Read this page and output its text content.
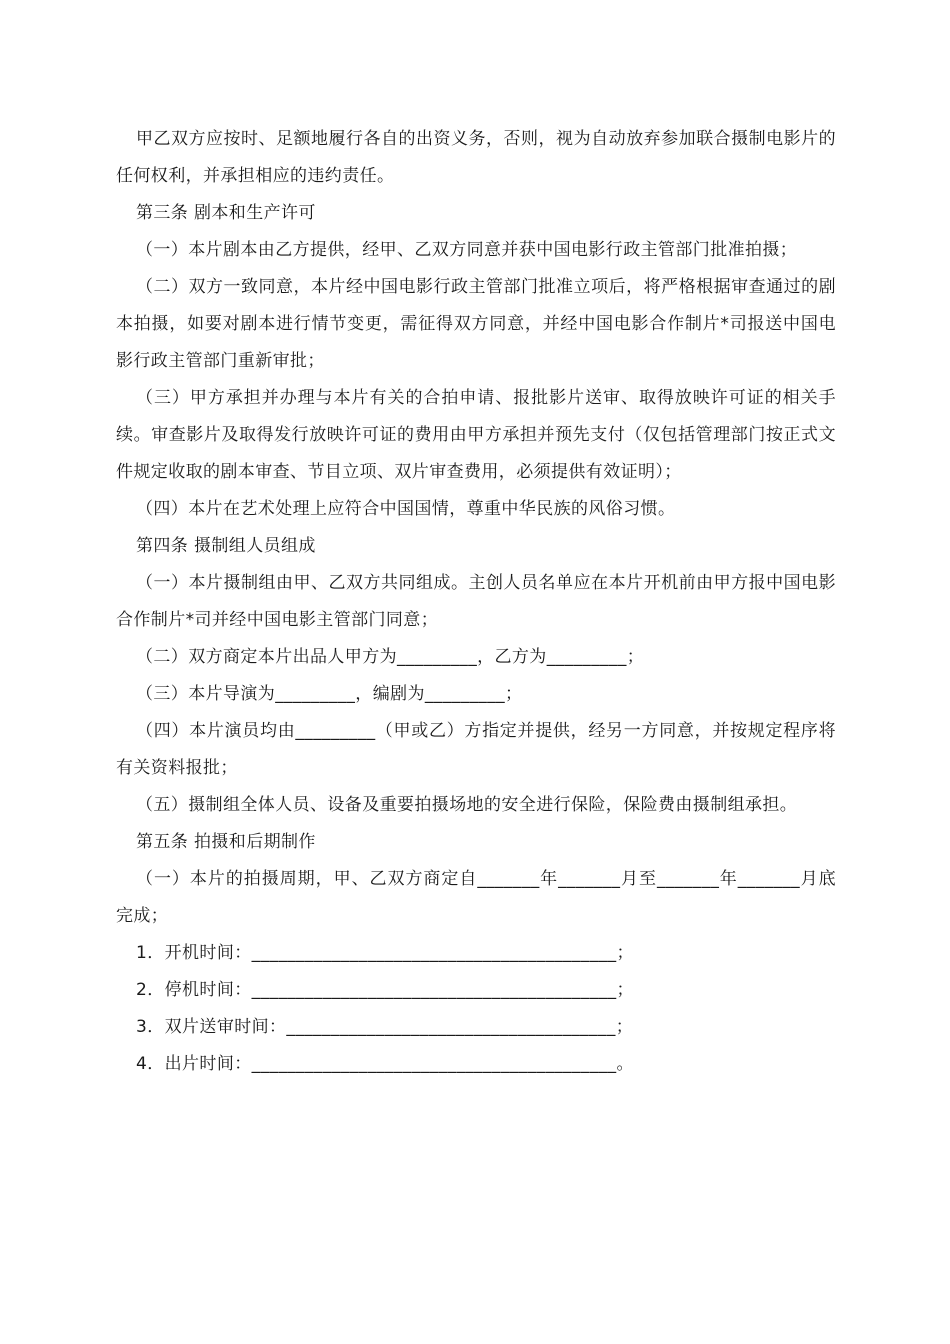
甲乙双方应按时、足额地履行各自的出资义务，否则，视为自动放弃参加联合摄制电影片的任何权利，并承担相应的违约责任。

第三条 剧本和生产许可

（一）本片剧本由乙方提供，经甲、乙双方同意并获中国电影行政主管部门批准拍摄；

（二）双方一致同意，本片经中国电影行政主管部门批准立项后，将严格根据审查通过的剧本拍摄，如要对剧本进行情节变更，需征得双方同意，并经中国电影合作制片*司报送中国电影行政主管部门重新审批；

（三）甲方承担并办理与本片有关的合拍申请、报批影片送审、取得放映许可证的相关手续。审查影片及取得发行放映许可证的费用由甲方承担并预先支付（仅包括管理部门按正式文件规定收取的剧本审查、节目立项、双片审查费用，必须提供有效证明）；

（四）本片在艺术处理上应符合中国国情，尊重中华民族的风俗习惯。

第四条 摄制组人员组成

（一）本片摄制组由甲、乙双方共同组成。主创人员名单应在本片开机前由甲方报中国电影合作制片*司并经中国电影主管部门同意；

（二）双方商定本片出品人甲方为_________，乙方为_________；

（三）本片导演为_________，编剧为_________；

（四）本片演员均由_________（甲或乙）方指定并提供，经另一方同意，并按规定程序将有关资料报批；

（五）摄制组全体人员、设备及重要拍摄场地的安全进行保险，保险费由摄制组承担。

第五条 拍摄和后期制作

（一）本片的拍摄周期，甲、乙双方商定自_______年_______月至_______年_______月底完成；

1．开机时间：_________________________________________；

2．停机时间：_________________________________________；

3．双片送审时间：_____________________________________；

4．出片时间：_________________________________________。
